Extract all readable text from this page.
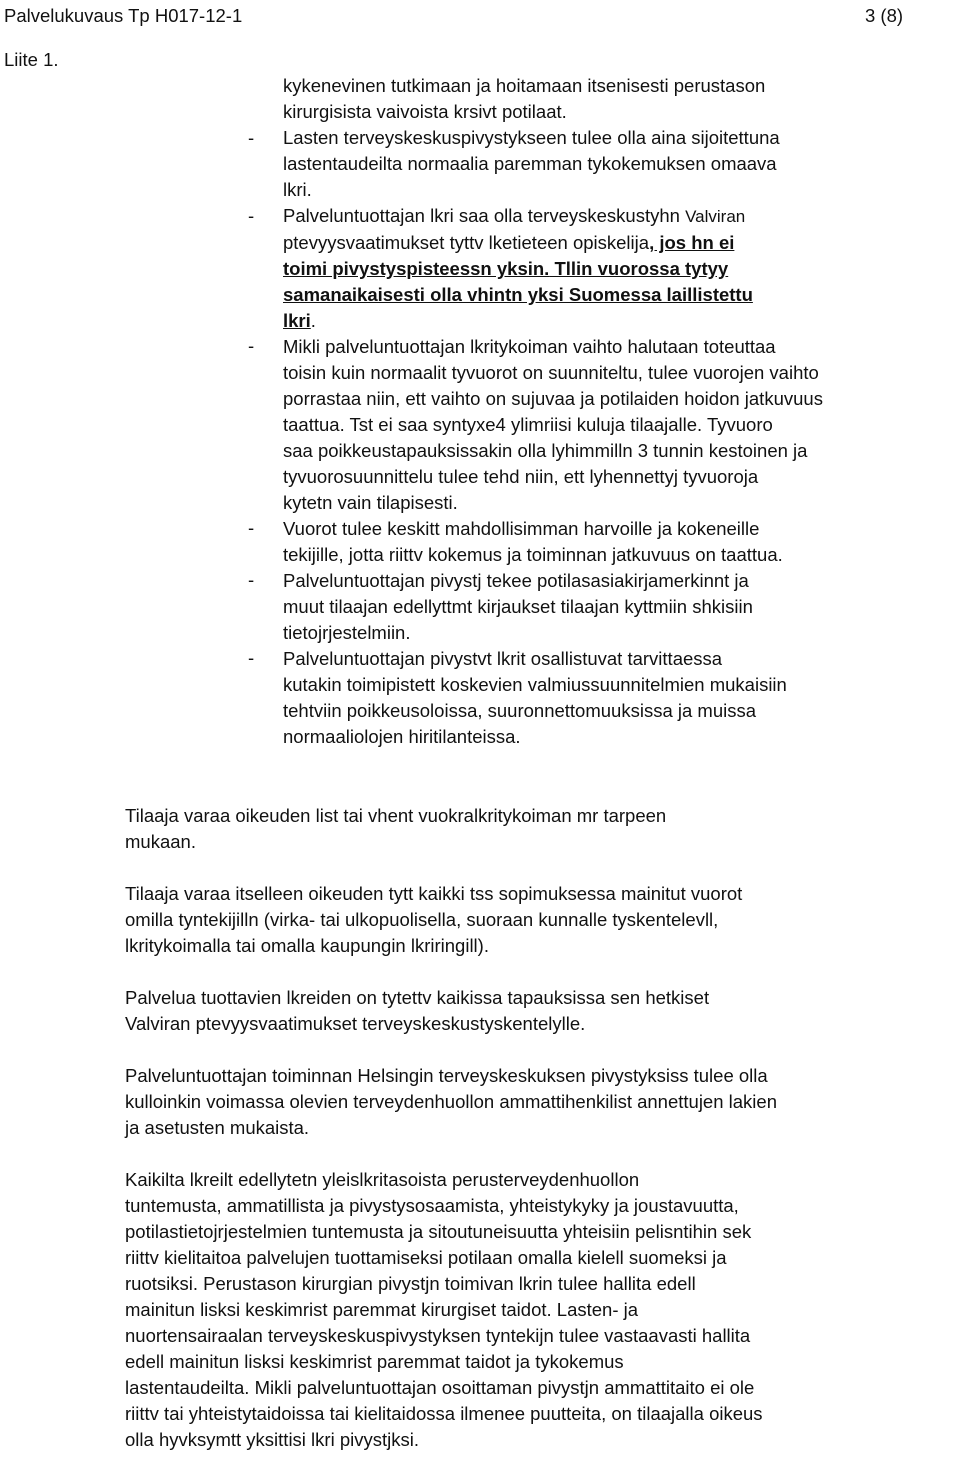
Palvelukuvaus Tp H017-12-1	3 (8)
Liite 1.
-
-
-
-
-
-
kykenevinen tutkimaan ja hoitamaan itsenisesti perustason
kirurgisista vaivoista krsivt potilaat.
Lasten terveyskeskuspivystykseen tulee olla aina sijoitettuna
lastentaudeilta normaalia paremman tykokemuksen omaava
lkri.
Palveluntuottajan lkri saa olla terveyskeskustyhn Valviran
ptevyysvaatimukset tyttv lketieteen opiskelija, jos hn ei
toimi pivystyspisteessn yksin. Tllin vuorossa tytyy
samanaikaisesti olla vhintn yksi Suomessa laillistettu
lkri.
Mikli palveluntuottajan lkritykoiman vaihto halutaan toteuttaa
toisin kuin normaalit tyvuorot on suunniteltu, tulee vuorojen vaihto
porrastaa niin, ett vaihto on sujuvaa ja potilaiden hoidon jatkuvuus
taattua. Tst ei saa syntyxe4 ylimriisi kuluja tilaajalle. Tyvuoro
saa poikkeustapauksissakin olla lyhimmilln 3 tunnin kestoinen ja
tyvuorosuunnittelu tulee tehd niin, ett lyhennettyj tyvuoroja
kytetn vain tilapisesti.
Vuorot tulee keskitt mahdollisimman harvoille ja kokeneille
tekijille, jotta riittv kokemus ja toiminnan jatkuvuus on taattua.
Palveluntuottajan pivystj tekee potilasasiakirjamerkinnt ja
muut tilaajan edellyttmt kirjaukset tilaajan kyttmiin shkisiin
tietojrjestelmiin.
Palveluntuottajan pivystvt lkrit osallistuvat tarvittaessa
kutakin toimipistett koskevien valmiussuunnitelmien mukaisiin
tehtviin poikkeusoloissa, suuronnettomuuksissa ja muissa
normaaliolojen hiritilanteissa.
Tilaaja varaa oikeuden list tai vhent vuokralkritykoiman mr tarpeen
mukaan.
Tilaaja varaa itselleen oikeuden tytt kaikki tss sopimuksessa mainitut vuorot
omilla tyntekijilln (virka- tai ulkopuolisella, suoraan kunnalle tyskentelevll,
lkritykoimalla tai omalla kaupungin lkriringill).
Palvelua tuottavien lkreiden on tytettv kaikissa tapauksissa sen hetkiset
Valviran ptevyysvaatimukset terveyskeskustyskentelylle.
Palveluntuottajan toiminnan Helsingin terveyskeskuksen pivystyksiss tulee olla
kulloinkin voimassa olevien terveydenhuollon ammattihenkilist annettujen lakien
ja asetusten mukaista.
Kaikilta lkreilt edellytetn yleislkritasoista perusterveydenhuollon
tuntemusta, ammatillista ja pivystysosaamista, yhteistykyky ja joustavuutta,
potilastietojrjestelmien tuntemusta ja sitoutuneisuutta yhteisiin pelisntihin sek
riittv kielitaitoa palvelujen tuottamiseksi potilaan omalla kielell suomeksi ja
ruotsiksi. Perustason kirurgian pivystjn toimivan lkrin tulee hallita edell
mainitun lisksi keskimrist paremmat kirurgiset taidot. Lasten- ja
nuortensairaalan terveyskeskuspivystyksen tyntekijn tulee vastaavasti hallita
edell mainitun lisksi keskimrist paremmat taidot ja tykokemus
lastentaudeilta. Mikli palveluntuottajan osoittaman pivystjn ammattitaito ei ole
riittv tai yhteistytaidoissa tai kielitaidossa ilmenee puutteita, on tilaajalla oikeus
olla hyvksymtt yksittisi lkri pivystjksi.
